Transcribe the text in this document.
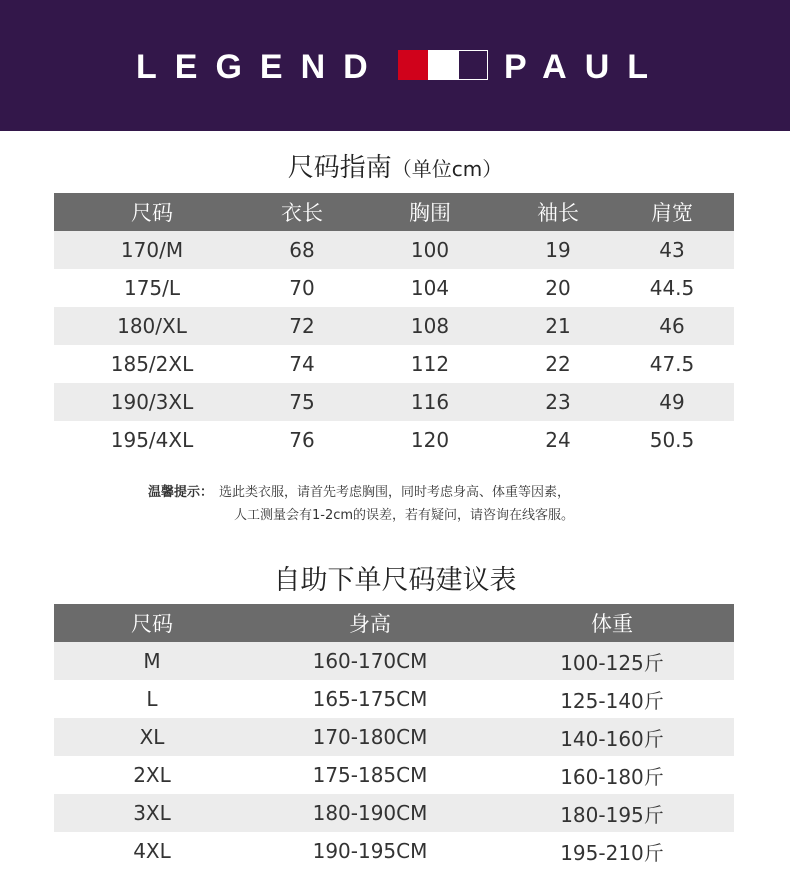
LEGEND	PAUL
尺码指南（单位cm）
尺码	衣长	胸围	袖长	肩宽
170/M	68	100	19	43
175/L	70	104	20	44.5
180/XL	72	108	21	46
185/2XL	74	112	22	47.5
190/3XL	75	116	23	49
195/4XL	76	120	24	50.5
温馨提示： 选此类衣服，请首先考虑胸围，同时考虑身高、体重等因素，
人工测量会有1-2cm的误差，若有疑问，请咨询在线客服。
自助下单尺码建议表
尺码	身高	体重
M	160-170CM	100-125斤
L	165-175CM	125-140斤
XL	170-180CM	140-160斤
2XL	175-185CM	160-180斤
3XL	180-190CM	180-195斤
4XL	190-195CM	195-210斤
